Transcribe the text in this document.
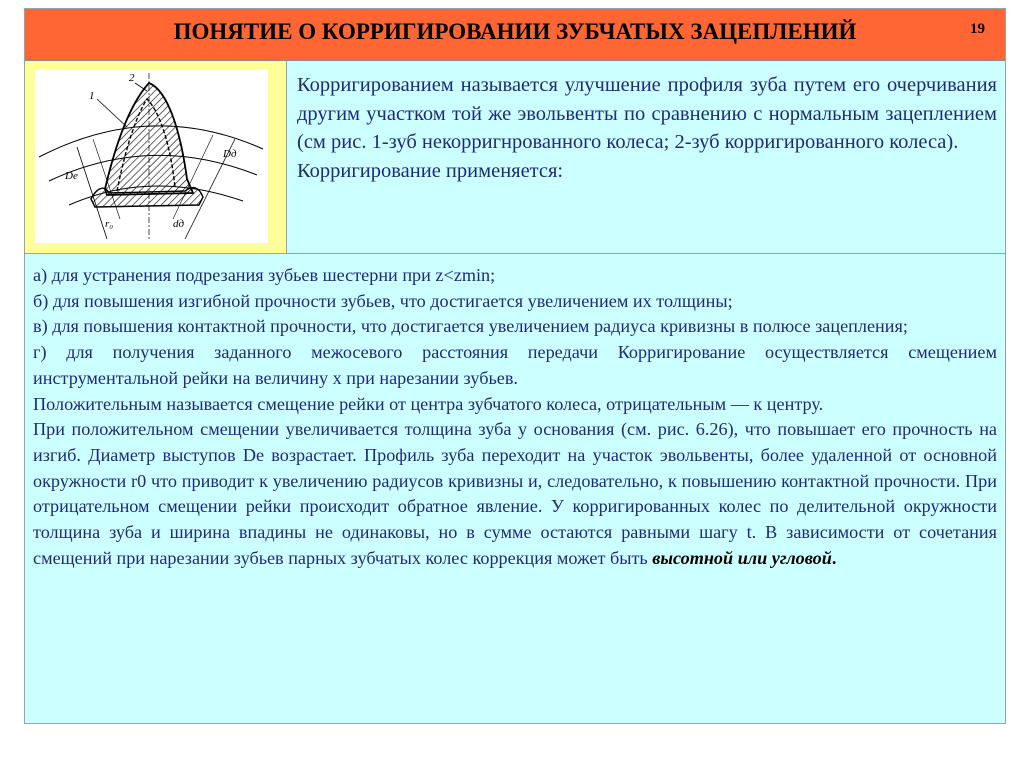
ПОНЯТИЕ О КОРРИГИРОВАНИИ ЗУБЧАТЫХ ЗАЦЕПЛЕНИЙ	19
1
2
De
Dд
r₀	dд
Корригированием называется улучшение профиля зуба путем его очерчивания другим участком той же эвольвенты по сравнению с нормальным зацеплением (см рис. 1-зуб некорригнрованного колеса; 2-зуб корригированного колеса).
Корригирование применяется:

а) для устранения подрезания зубьев шестерни при z<zmin;

б) для повышения изгибной прочности зубьев, что достигается увеличением их толщины;

в) для повышения контактной прочности, что достигается увеличением радиуса кривизны в полюсе зацепления;

г) для получения заданного межосевого расстояния передачи Корригирование осуществляется смещением инструментальной рейки на величину х при нарезании зубьев.

Положительным называется смещение рейки от центра зубчатого колеса, отрицательным — к центру.

При положительном смещении увеличивается толщина зуба у основания (см. рис. 6.26), что повышает его прочность на изгиб. Диаметр выступов De возрастает. Профиль зуба переходит на участок эвольвенты, более удаленной от основной окружности r0 что приводит к увеличению радиусов кривизны и, следовательно, к повышению контактной прочности. При отрицательном смещении рейки происходит обратное явление. У корригированных колес по делительной окружности толщина зуба и ширина впадины не одинаковы, но в сумме остаются равными шагу t. В зависимости от сочетания смещений при нарезании зубьев парных зубчатых колес коррекция может быть высотной или угловой.
